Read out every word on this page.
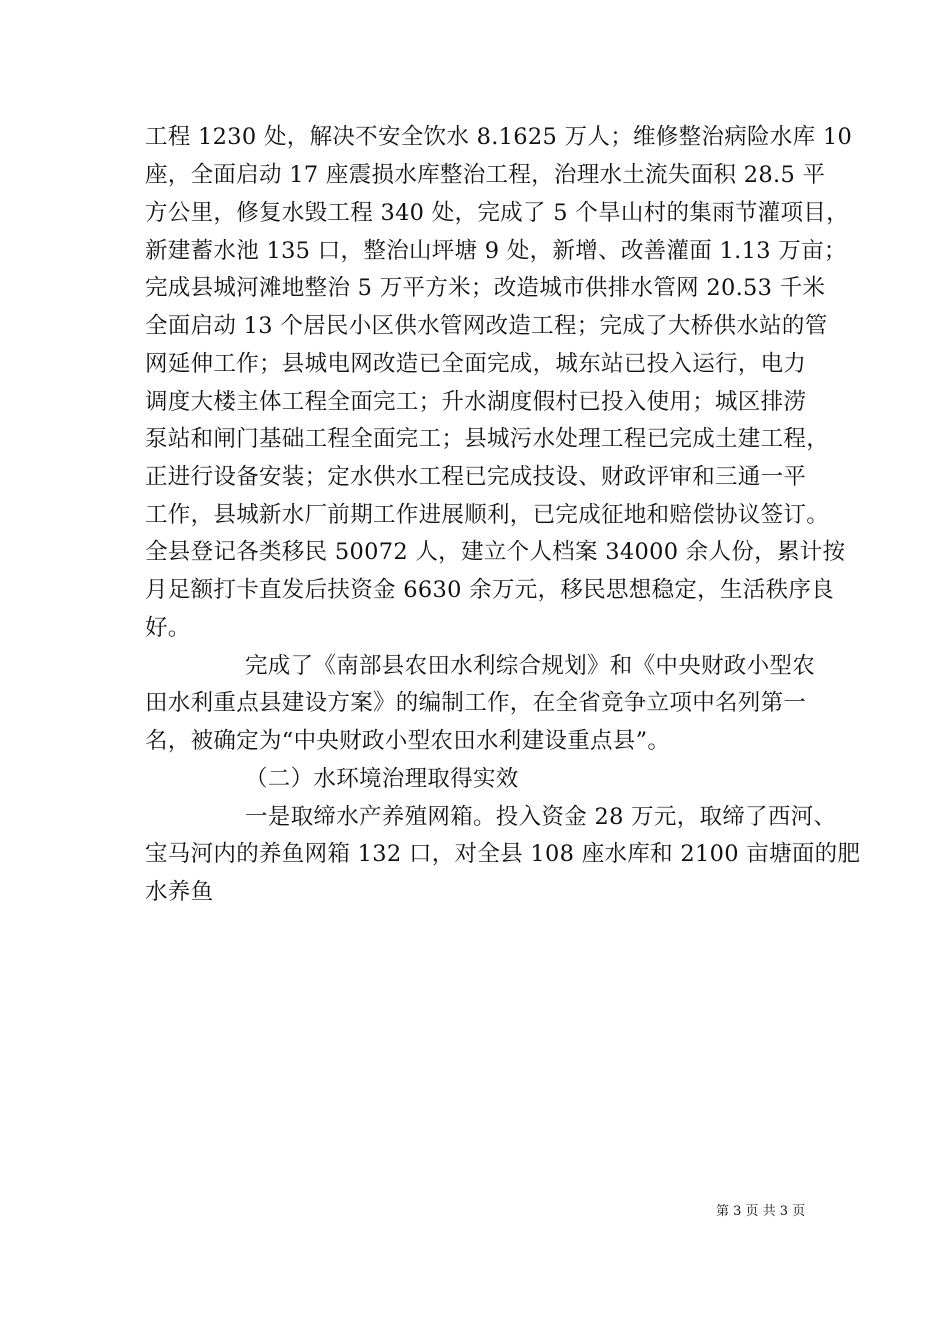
工程 1230 处，解决不安全饮水 8.1625 万人；维修整治病险水库 10
座，全面启动 17 座震损水库整治工程，治理水土流失面积 28.5 平
方公里，修复水毁工程 340 处，完成了 5 个旱山村的集雨节灌项目，
新建蓄水池 135 口，整治山坪塘 9 处，新增、改善灌面 1.13 万亩；
完成县城河滩地整治 5 万平方米；改造城市供排水管网 20.53 千米
全面启动 13 个居民小区供水管网改造工程；完成了大桥供水站的管
网延伸工作；县城电网改造已全面完成，城东站已投入运行，电力
调度大楼主体工程全面完工；升水湖度假村已投入使用；城区排涝
泵站和闸门基础工程全面完工；县城污水处理工程已完成土建工程，
正进行设备安装；定水供水工程已完成技设、财政评审和三通一平
工作，县城新水厂前期工作进展顺利，已完成征地和赔偿协议签订。
全县登记各类移民 50072 人，建立个人档案 34000 余人份，累计按
月足额打卡直发后扶资金 6630 余万元，移民思想稳定，生活秩序良
好。
完成了《南部县农田水利综合规划》和《中央财政小型农
田水利重点县建设方案》的编制工作，在全省竞争立项中名列第一
名，被确定为“中央财政小型农田水利建设重点县”。
（二）水环境治理取得实效
一是取缔水产养殖网箱。投入资金 28 万元，取缔了西河、
宝马河内的养鱼网箱 132 口，对全县 108 座水库和 2100 亩塘面的肥
水养鱼
第 3 页 共 3 页
